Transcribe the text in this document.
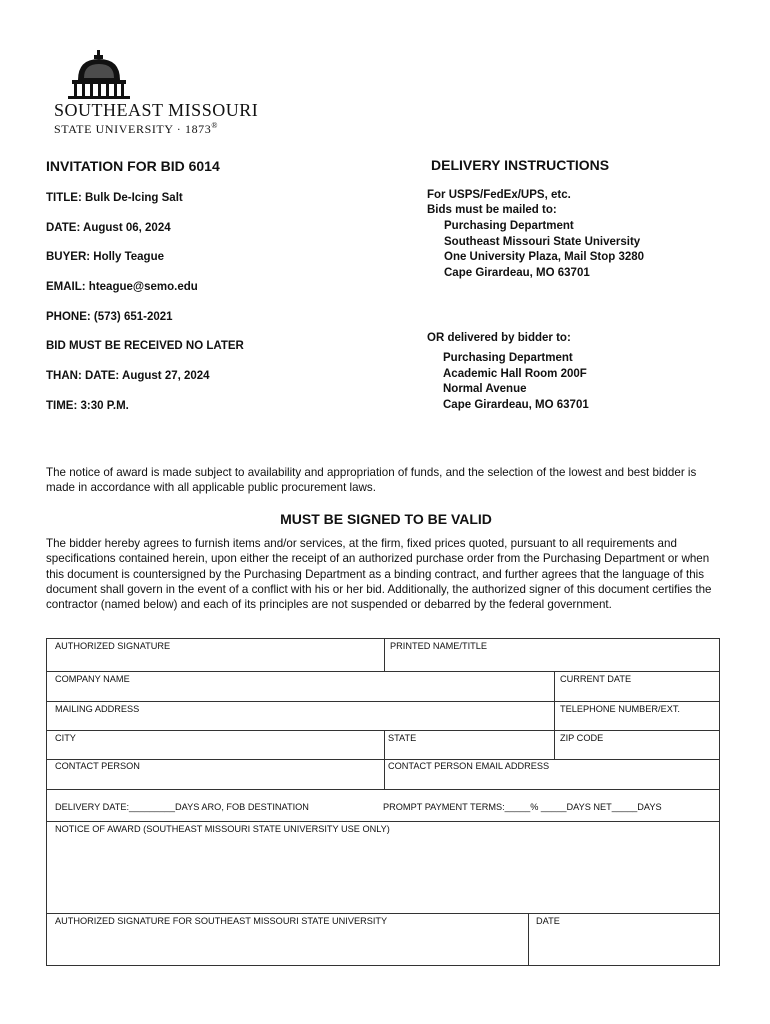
SOUTHEAST MISSOURI
STATE UNIVERSITY · 1873®
INVITATION FOR BID 6014
TITLE: Bulk De-Icing Salt
DATE: August 06, 2024
BUYER: Holly Teague
EMAIL: hteague@semo.edu
PHONE: (573) 651-2021
BID MUST BE RECEIVED NO LATER
THAN: DATE: August 27, 2024
TIME: 3:30 P.M.
DELIVERY INSTRUCTIONS
For USPS/FedEx/UPS, etc.
Bids must be mailed to:
Purchasing Department
Southeast Missouri State University
One University Plaza, Mail Stop 3280
Cape Girardeau, MO 63701
OR delivered by bidder to:
Purchasing Department
Academic Hall Room 200F
Normal Avenue
Cape Girardeau, MO 63701
The notice of award is made subject to availability and appropriation of funds, and the selection of the lowest and best bidder is made in accordance with all applicable public procurement laws.
MUST BE SIGNED TO BE VALID
The bidder hereby agrees to furnish items and/or services, at the firm, fixed prices quoted, pursuant to all requirements and specifications contained herein, upon either the receipt of an authorized purchase order from the Purchasing Department or when this document is countersigned by the Purchasing Department as a binding contract, and further agrees that the language of this document shall govern in the event of a conflict with his or her bid. Additionally, the authorized signer of this document certifies the contractor (named below) and each of its principles are not suspended or debarred by the federal government.
AUTHORIZED SIGNATURE	PRINTED NAME/TITLE
COMPANY NAME	CURRENT DATE
MAILING ADDRESS	TELEPHONE NUMBER/EXT.
CITY	STATE	ZIP CODE
CONTACT PERSON	CONTACT PERSON EMAIL ADDRESS
DELIVERY DATE:_________DAYS ARO, FOB DESTINATION	PROMPT PAYMENT TERMS:_____% _____DAYS NET_____DAYS
NOTICE OF AWARD (SOUTHEAST MISSOURI STATE UNIVERSITY USE ONLY)
AUTHORIZED SIGNATURE FOR SOUTHEAST MISSOURI STATE UNIVERSITY	DATE
